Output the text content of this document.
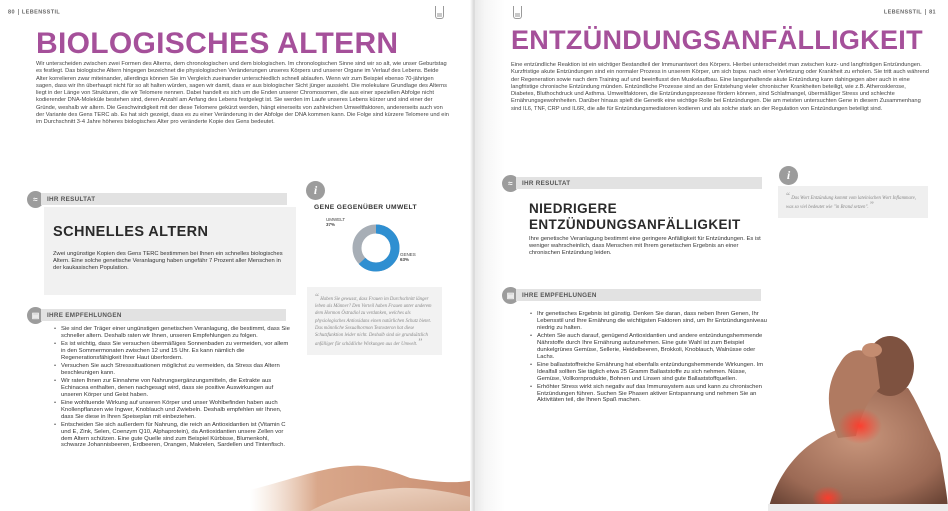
80 LEBENSSTIL
BIOLOGISCHES ALTERN
Wir unterscheiden zwischen zwei Formen des Alterns, dem chronologischen und dem biologischen. Im chronologischen Sinne sind wir so alt, wie unser Geburtstag es festlegt. Das biologische Altern hingegen bezeichnet die physiologischen Veränderungen unseres Körpers und unserer Organe im Verlauf des Lebens. Beide Alter korrelieren zwar miteinander, allerdings können Sie im Vergleich zueinander unterschiedlich schnell ablaufen. Wenn wir zum Beispiel ebenso 70-jährigen sagen, dass wir ihn überhaupt nicht für so alt halten würden, sagen wir damit, dass er aus biologischer Sicht jünger aussieht. Die molekulare Grundlage des Alterns liegt in der Länge von Strukturen, die wir Telomere nennen. Dabei handelt es sich um die Enden unserer Chromosomen, die aus einer speziellen Abfolge nicht kodierender DNA-Moleküle bestehen sind, deren Anzahl am Anfang des Lebens festgelegt ist. Sie werden im Laufe unseres Lebens kürzer und sind einer der Gründe, weshalb wir altern. Die Geschwindigkeit mit der diese Telomere gekürzt werden, hängt einerseits von zahlreichen Umweltfaktoren, andererseits auch von der Variante des Gens TERC ab. Es hat sich gezeigt, dass es zu einer Veränderung in der Abfolge der DNA kommen kann. Die Folge sind kürzere Telomere und ein im Durchschnitt 3-4 Jahre höheres biologisches Alter pro veränderte Kopie des Gens bedeutet.
≈	IHR RESULTAT
SCHNELLES ALTERN
Zwei ungünstige Kopien des Gens TERC bestimmen bei Ihnen ein schnelles biologisches Altern. Eine solche genetische Veranlagung haben ungefähr 7 Prozent aller Menschen in der kaukasischen Population.
▤	IHRE EMPFEHLUNGEN
• Sie sind der Träger einer ungünstigen genetischen Veranlagung, die bestimmt, dass Sie schneller altern. Deshalb raten wir Ihnen, unseren Empfehlungen zu folgen.
• Es ist wichtig, dass Sie versuchen übermäßiges Sonnenbaden zu vermeiden, vor allem in den Sommermonaten zwischen 12 und 15 Uhr. Es kann nämlich die Regenerationsfähigkeit Ihrer Haut überfordern.
• Versuchen Sie auch Stresssituationen möglichst zu vermeiden, da Stress das Altern beschleunigen kann.
• Wir raten Ihnen zur Einnahme von Nahrungsergänzungsmitteln, die Extrakte aus Echinacea enthalten, denen nachgesagt wird, dass sie positive Auswirkungen auf unseren Körper und Geist haben.
• Eine wohltuende Wirkung auf unseren Körper und unser Wohlbefinden haben auch Knollenpflanzen wie Ingwer, Knoblauch und Zwiebeln. Deshalb empfehlen wir Ihnen, dass Sie diese in Ihren Speiseplan mit einbeziehen.
• Entscheiden Sie sich außerdem für Nahrung, die reich an Antioxidantien ist (Vitamin C und E, Zink, Selen, Coenzym Q10, Alphaprotein), da Antioxidantien unsere Zellen vor dem Altern schützen. Eine gute Quelle sind zum Beispiel Kürbisse, Blumenkohl, schwarze Johannisbeeren, Erdbeeren, Orangen, Makrelen, Sardellen und Tintenfisch.
i
GENE GEGENÜBER UMWELT
UMWELT
37%
GENES
63%
“ Haben Sie gewusst, dass Frauen im Durchschnitt länger leben als Männer? Den Vorteil haben Frauen unter anderem dem Hormon Östradiol zu verdanken, welches als physiologisches Antioxidans einen natürlichen Schutz bietet. Das männliche Sexualhormon Testosteron hat diese Schutzfunktion leider nicht. Deshalb sind sie grundsätzlich anfälliger für schädliche Wirkungen aus der Umwelt. ”
LEBENSSTIL 81
ENTZÜNDUNGSANFÄLLIGKEIT
Eine entzündliche Reaktion ist ein wichtiger Bestandteil der Immunantwort des Körpers. Hierbei unterscheidet man zwischen kurz- und langfristigen Entzündungen. Kurzfristige akute Entzündungen sind ein normaler Prozess in unserem Körper, um sich bspw. nach einer Verletzung oder Krankheit zu erholen. Sie tritt auch während der Regeneration sowie nach dem Training auf und beeinflusst den Muskelaufbau. Eine langanhaltende akute Entzündung kann dahingegen aber auch in eine langfristige chronische Entzündung münden. Entzündliche Prozesse sind an der Entstehung vieler chronischer Krankheiten beteiligt, wie z.B. Atherosklerose, Diabetes, Bluthochdruck und Asthma. Umweltfaktoren, die Entzündungsprozesse fördern können, sind Schlafmangel, übermäßiger Stress und schlechte Ernährungsgewohnheiten. Darüber hinaus spielt die Genetik eine wichtige Rolle bei Entzündungen. Die am meisten untersuchten Gene in diesem Zusammenhang sind IL6, TNF, CRP und IL6R, die alle für Entzündungsmediatoren kodieren und als solche stark an der Regulation von Entzündungen beteiligt sind.
≈	IHR RESULTAT
NIEDRIGERE
ENTZÜNDUNGSANFÄLLIGKEIT
Ihre genetische Veranlagung bestimmt eine geringere Anfälligkeit für Entzündungen. Es ist weniger wahrscheinlich, dass Menschen mit Ihrem genetischen Ergebnis an einer chronischen Entzündung leiden.
▤	IHRE EMPFEHLUNGEN
• Ihr genetisches Ergebnis ist günstig. Denken Sie daran, dass neben Ihren Genen, Ihr Lebensstil und Ihre Ernährung die wichtigsten Faktoren sind, um Ihr Entzündungsniveau niedrig zu halten.
• Achten Sie auch darauf, genügend Antioxidantien und andere entzündungshemmende Nährstoffe durch Ihre Ernährung aufzunehmen. Eine gute Wahl ist zum Beispiel dunkelgrünes Gemüse, Sellerie, Heidelbeeren, Brokkoli, Knoblauch, Walnüsse oder Lachs.
• Eine ballaststoffreiche Ernährung hat ebenfalls entzündungshemmende Wirkungen. Im Idealfall sollten Sie täglich etwa 25 Gramm Ballaststoffe zu sich nehmen. Nüsse, Gemüse, Vollkornprodukte, Bohnen und Linsen sind gute Ballaststoffquellen.
• Erhöhter Stress wirkt sich negativ auf das Immunsystem aus und kann zu chronischen Entzündungen führen. Suchen Sie Phasen aktiver Entspannung und nehmen Sie an Aktivitäten teil, die Ihnen Spaß machen.
i
“ Das Wort Entzündung kommt vom lateinischen Wort Inflammare, was so viel bedeutet wie "in Brand setzen". ”
